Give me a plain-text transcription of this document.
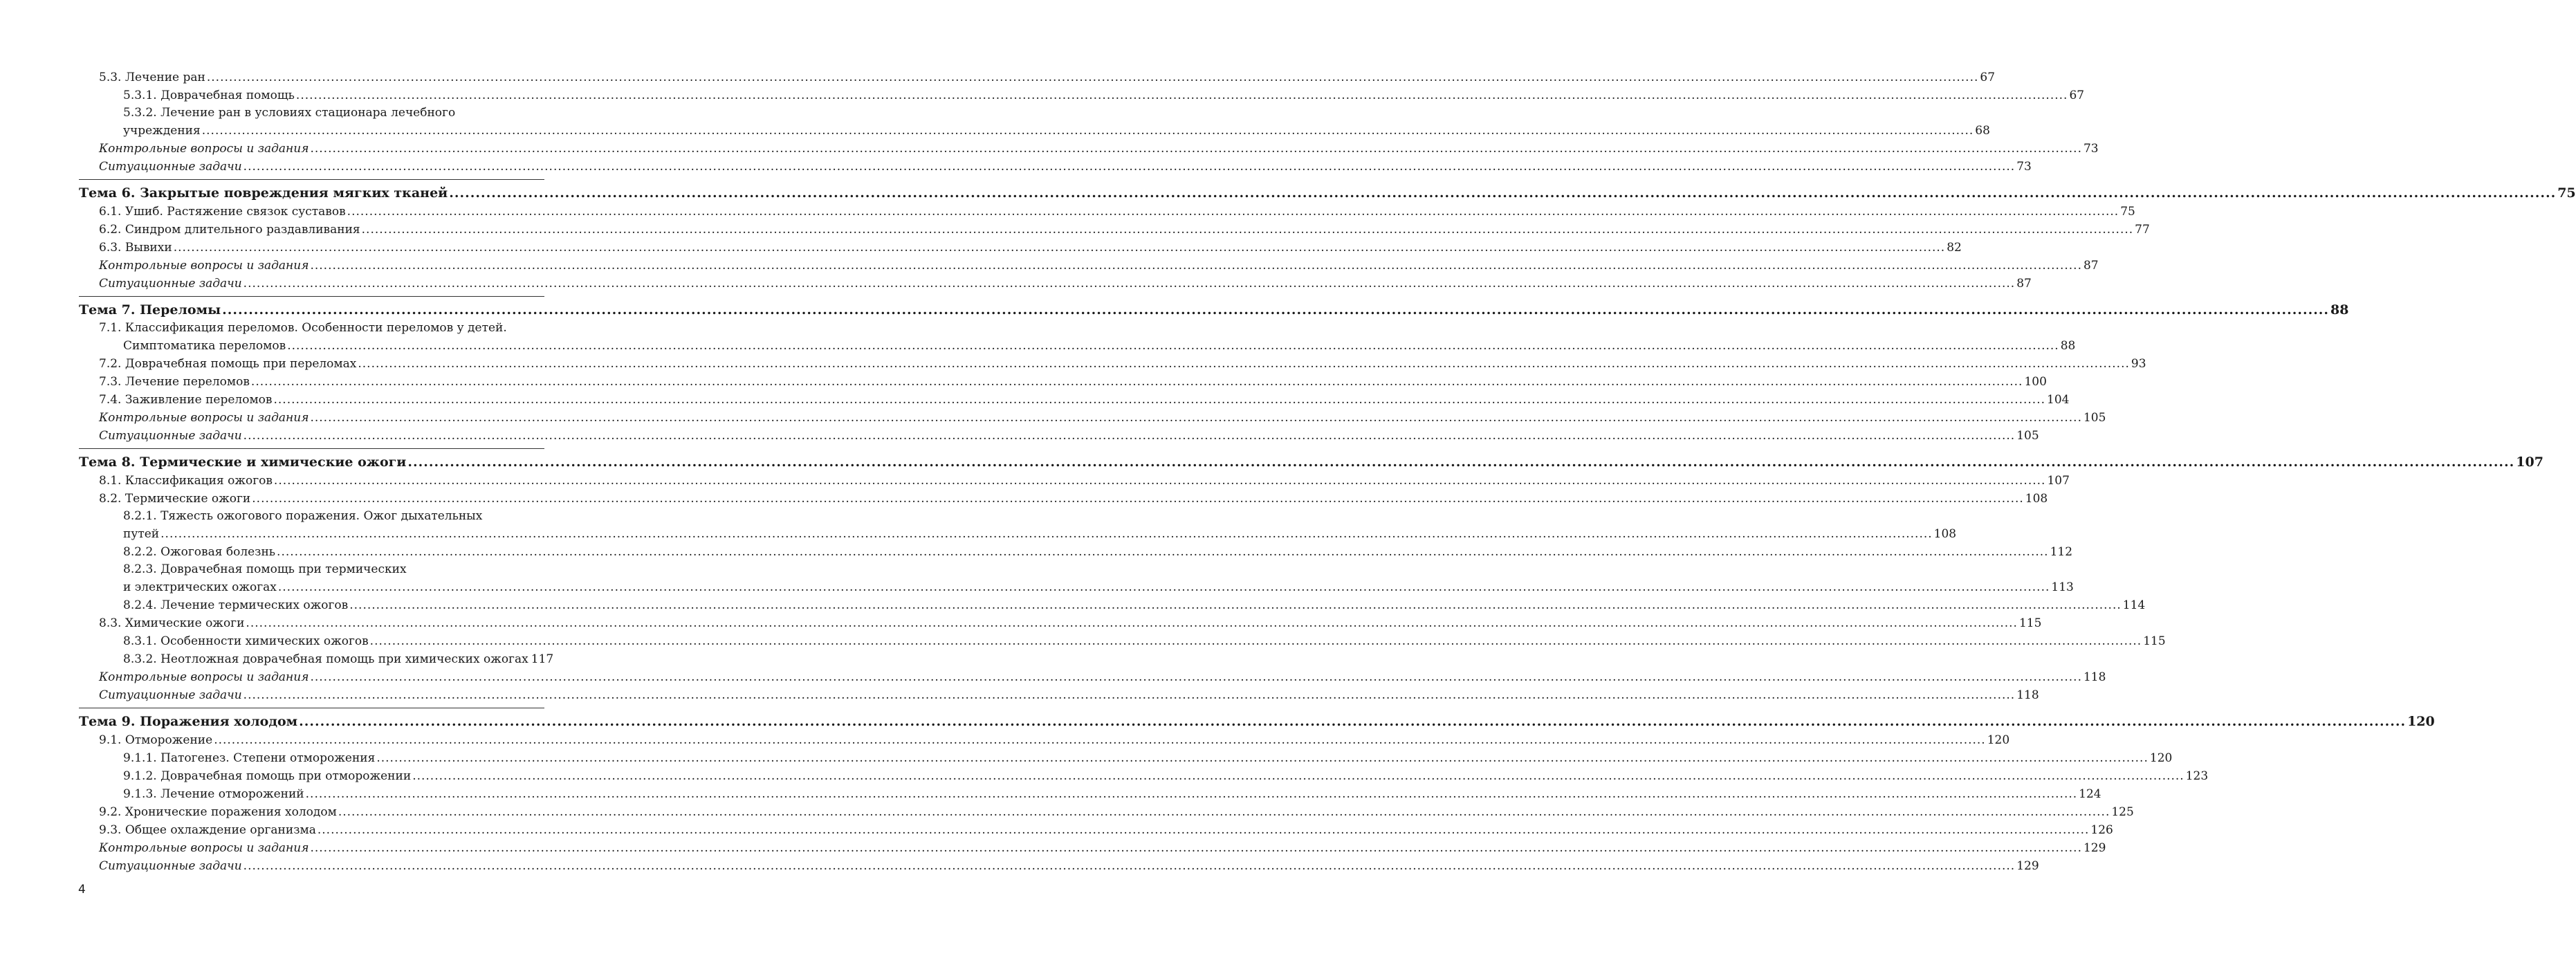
5.3. Лечение ран ................................................................................................................................................................................................................................................................................................................................................................................................................ 67
5.3.1. Доврачебная помощь ................................................................................................................................................................................................................................................................................................................................................................................................................ 67
5.3.2. Лечение ран в условиях стационара лечебного
учреждения ................................................................................................................................................................................................................................................................................................................................................................................................................ 68
Контрольные вопросы и задания ................................................................................................................................................................................................................................................................................................................................................................................................................ 73
Ситуационные задачи ................................................................................................................................................................................................................................................................................................................................................................................................................ 73
Тема 6. Закрытые повреждения мягких тканей ................................................................................................................................................................................................................................................................................................................................................................................................................ 75
6.1. Ушиб. Растяжение связок суставов ................................................................................................................................................................................................................................................................................................................................................................................................................ 75
6.2. Синдром длительного раздавливания ................................................................................................................................................................................................................................................................................................................................................................................................................ 77
6.3. Вывихи ................................................................................................................................................................................................................................................................................................................................................................................................................ 82
Контрольные вопросы и задания ................................................................................................................................................................................................................................................................................................................................................................................................................ 87
Ситуационные задачи ................................................................................................................................................................................................................................................................................................................................................................................................................ 87
Тема 7. Переломы ................................................................................................................................................................................................................................................................................................................................................................................................................ 88
7.1. Классификация переломов. Особенности переломов у детей.
Симптоматика переломов ................................................................................................................................................................................................................................................................................................................................................................................................................ 88
7.2. Доврачебная помощь при переломах ................................................................................................................................................................................................................................................................................................................................................................................................................ 93
7.3. Лечение переломов ................................................................................................................................................................................................................................................................................................................................................................................................................ 100
7.4. Заживление переломов ................................................................................................................................................................................................................................................................................................................................................................................................................ 104
Контрольные вопросы и задания ................................................................................................................................................................................................................................................................................................................................................................................................................ 105
Ситуационные задачи ................................................................................................................................................................................................................................................................................................................................................................................................................ 105
Тема 8. Термические и химические ожоги ................................................................................................................................................................................................................................................................................................................................................................................................................ 107
8.1. Классификация ожогов ................................................................................................................................................................................................................................................................................................................................................................................................................ 107
8.2. Термические ожоги ................................................................................................................................................................................................................................................................................................................................................................................................................ 108
8.2.1. Тяжесть ожогового поражения. Ожог дыхательных
путей ................................................................................................................................................................................................................................................................................................................................................................................................................ 108
8.2.2. Ожоговая болезнь ................................................................................................................................................................................................................................................................................................................................................................................................................ 112
8.2.3. Доврачебная помощь при термических
и электрических ожогах ................................................................................................................................................................................................................................................................................................................................................................................................................ 113
8.2.4. Лечение термических ожогов ................................................................................................................................................................................................................................................................................................................................................................................................................ 114
8.3. Химические ожоги ................................................................................................................................................................................................................................................................................................................................................................................................................ 115
8.3.1. Особенности химических ожогов ................................................................................................................................................................................................................................................................................................................................................................................................................ 115
8.3.2. Неотложная доврачебная помощь при химических ожогах 117
Контрольные вопросы и задания ................................................................................................................................................................................................................................................................................................................................................................................................................ 118
Ситуационные задачи ................................................................................................................................................................................................................................................................................................................................................................................................................ 118
Тема 9. Поражения холодом ................................................................................................................................................................................................................................................................................................................................................................................................................ 120
9.1. Отморожение ................................................................................................................................................................................................................................................................................................................................................................................................................ 120
9.1.1. Патогенез. Степени отморожения ................................................................................................................................................................................................................................................................................................................................................................................................................ 120
9.1.2. Доврачебная помощь при отморожении ................................................................................................................................................................................................................................................................................................................................................................................................................ 123
9.1.3. Лечение отморожений ................................................................................................................................................................................................................................................................................................................................................................................................................ 124
9.2. Хронические поражения холодом ................................................................................................................................................................................................................................................................................................................................................................................................................ 125
9.3. Общее охлаждение организма ................................................................................................................................................................................................................................................................................................................................................................................................................ 126
Контрольные вопросы и задания ................................................................................................................................................................................................................................................................................................................................................................................................................ 129
Ситуационные задачи ................................................................................................................................................................................................................................................................................................................................................................................................................ 129
4
